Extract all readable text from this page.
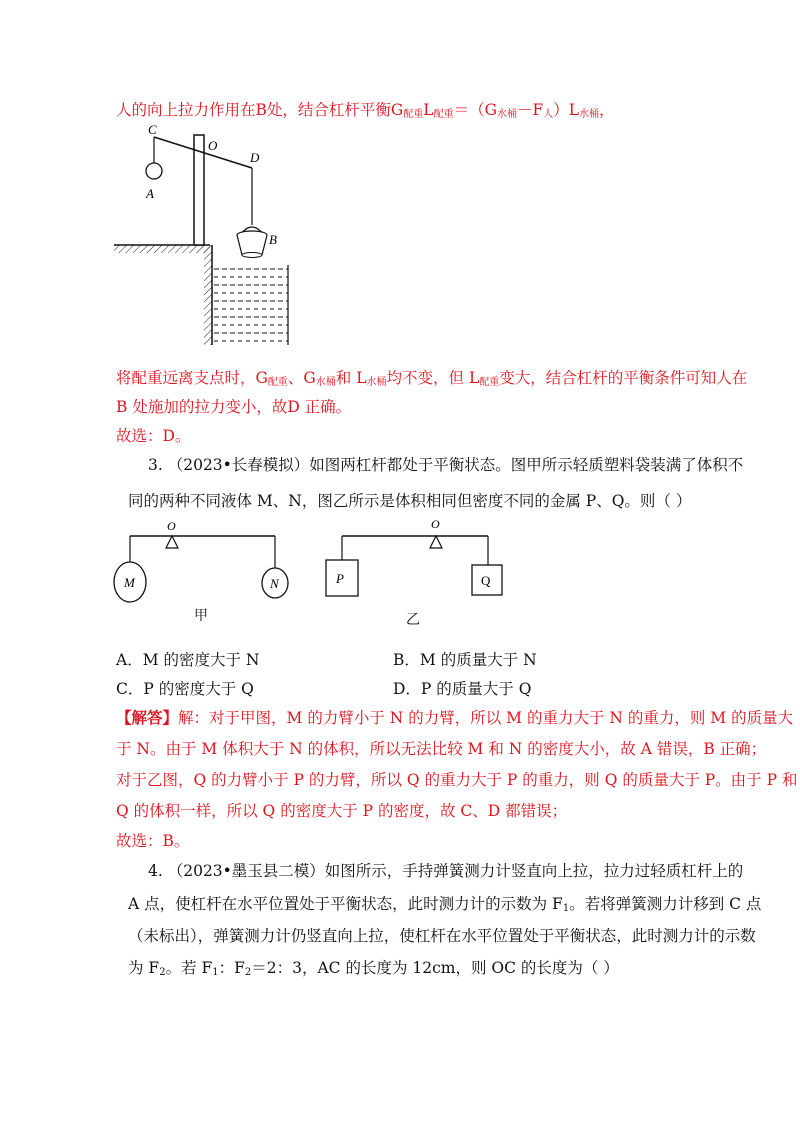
人的向上拉力作用在B处，结合杠杆平衡$G_{配重}L_{配重}=(G_{水桶}-F_人)L_{水桶}$，
C
O
D
A
B
将配重远离支点时，$G_{配重}$、$G_{水桶}$和 $L_{水桶}$均不变，但 $L_{配重}$变大，结合杠杆的平衡条件可知人在
B 处施加的拉力变小，故D 正确。
故选：D。
3. （2023•长春模拟）如图两杠杆都处于平衡状态。图甲所示轻质塑料袋装满了体积不
同的两种不同液体 M、N，图乙所示是体积相同但密度不同的金属 P、Q。则（ ）
O
M	N
甲
O
P	Q
乙
A．M 的密度大于 N	B．M 的质量大于 N
C．P 的密度大于 Q	D．P 的质量大于 Q
【解答】解：对于甲图，M 的力臂小于 N 的力臂，所以 M 的重力大于 N 的重力，则 M 的质量大
于 N。由于 M 体积大于 N 的体积，所以无法比较 M 和 N 的密度大小，故 A 错误，B 正确；
对于乙图，Q 的力臂小于 P 的力臂，所以 Q 的重力大于 P 的重力，则 Q 的质量大于 P。由于 P 和
Q 的体积一样，所以 Q 的密度大于 P 的密度，故 C、D 都错误；
故选：B。
4. （2023•墨玉县二模）如图所示，手持弹簧测力计竖直向上拉，拉力过轻质杠杆上的
A 点，使杠杆在水平位置处于平衡状态，此时测力计的示数为 $F_1$。若将弹簧测力计移到 C 点
（未标出），弹簧测力计仍竖直向上拉，使杠杆在水平位置处于平衡状态，此时测力计的示数
为 $F_2$。若 $F_1$：$F_2=2$：3，AC 的长度为 12cm，则 OC 的长度为（ ）
